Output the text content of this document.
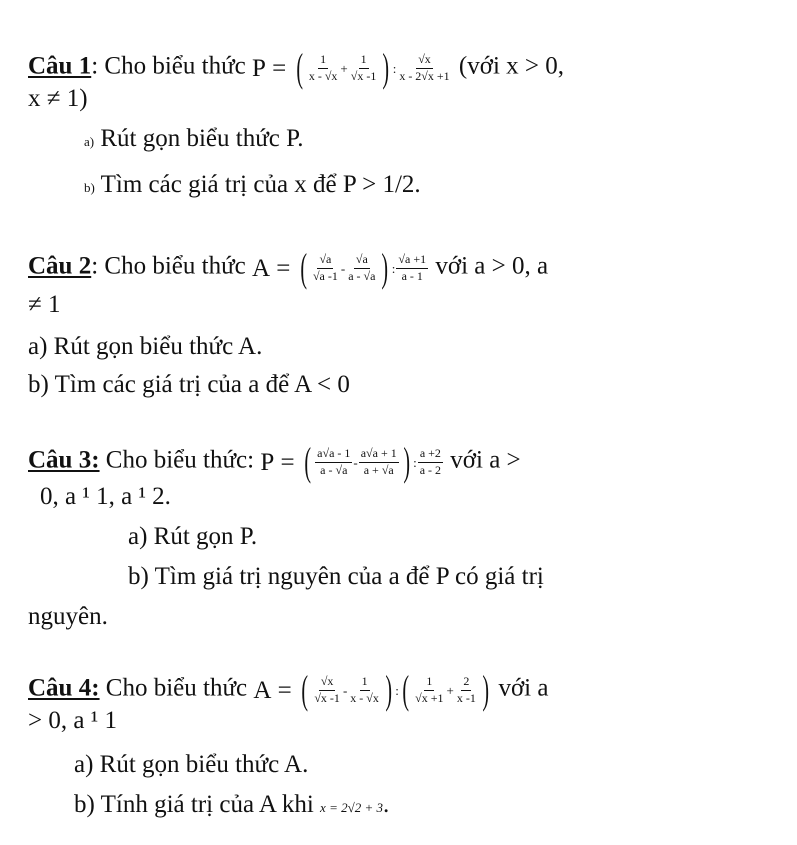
Câu 1: Cho biểu thức P = ( $\frac{1}{x - √x} + \frac{1}{√x -1}$ ) : $\frac{√x}{x - 2√x +1}$ (với x > 0,
x ≠ 1)
a) Rút gọn biểu thức P.
b) Tìm các giá trị của x để P > 1/2.
Câu 2: Cho biểu thức A = ( $\frac{√a}{√a -1} - \frac{√a}{a - √a}$ ) : $\frac{√a +1}{a - 1}$ với a > 0, a
≠ 1
a) Rút gọn biểu thức A.
b) Tìm các giá trị của a để A < 0
Câu 3: Cho biểu thức: P = ( $\frac{a√a - 1}{a - √a} - \frac{a√a + 1}{a + √a}$ ) : $\frac{a +2}{a - 2}$ với a >
0, a ¹ 1, a ¹ 2.
a) Rút gọn P.
b) Tìm giá trị nguyên của a để P có giá trị
nguyên.
Câu 4: Cho biểu thức A = ( $\frac{√x}{√x -1} - \frac{1}{x - √x}$ ) : ( $\frac{1}{√x +1} + \frac{2}{x -1}$ ) với a
> 0, a ¹ 1
a) Rút gọn biểu thức A.
b) Tính giá trị của A khi x = 2√2 + 3.
